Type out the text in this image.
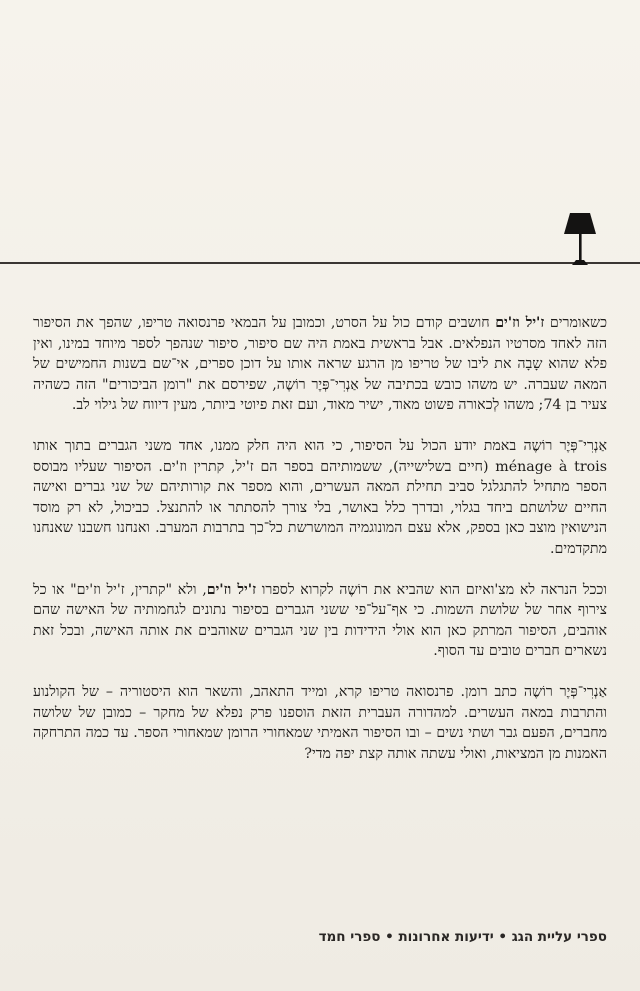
כשאומרים ז'יל וז'ים חושבים קודם כול על הסרט, וכמובן על הבמאי פרנסואה טריפו, שהפך את הסיפור הזה לאחד מסרטיו הנפלאים. אבל בראשית באמת היה שם סיפור, סיפור שנהפך לספר מיוחד במינו, ואין פלא שהוא שָבָה את ליבו של טריפו מן הרגע שראה אותו על דוכן ספרים, אי־שם בשנות החמישים של המאה שעברה. יש משהו כובש בכתיבה של אַנְרִי־פְּיֶר רוֹשֶה, שפירסם את "רומן הביכורים" הזה כשהיה צעיר בן 74; משהו לְכאורה פשוט מאוד, ישיר מאוד, ועם זאת פיוטי ביותר, מעין דיווח של גילוי לב.

אַנְרִי־פְּיֶר רוֹשֶה באמת יודע הכול על הסיפור, כי הוא היה חלק ממנו, אחד משני הגברים בתוך אותו ménage à trois (חיים בשלישייה), ששמותיהם בספר הם ז'יל, קתרין וז'ים. הסיפור שעליו מבוסס הספר מתחיל להתגלגל סביב תחילת המאה העשרים, והוא מספר את קורותיהם של שני גברים ואישה החיים שלושתם ביחד בגלוי, ובדרך כלל באושר, בלי צורך להסתתר או להתנצל. כביכול, לא רק מוסד הנישואין מוצב כאן בספק, אלא עצם המונוגמיה המושרשת כל־כך בתרבות המערב. ואנחנו חשבנו שאנחנו מתקדמים.

וככל הנראה לא מצ'ואיזם הוא שהביא את רוֹשֶה לקרוא לספרו ז'יל וז'ים, ולא "קתרין, ז'יל וז'ים" או כל צירוף אחר של שלושת השמות. כי אף־על־פי ששני הגברים בסיפור נתונים לגחמותיה של האישה שהם אוהבים, הסיפור המרתק כאן הוא אולי הידידות בין שני הגברים שאוהבים את אותה האישה, ובכל זאת נשארים חברים טובים עד הסוף.

אַנְרִי־פְּיֶר רוֹשֶה כתב רומן. פרנסואה טריפו קרא, ומייד התאהב, והשאר הוא היסטוריה – של הקולנוע והתרבות במאה העשרים. למהדורה העברית הזאת הוספנו פרק נפלא של מחקר – כמובן של שלושה מחברים, הפעם גבר ושתי נשים – ובו הסיפור האמיתי שמאחורי הרומן שמאחורי הספר. עד כמה התרחקה האמנות מן המציאות, ואולי עשתה אותה קצת יפה מדי?

ספרי עליית הגג • ידיעות אחרונות • ספרי חמד
